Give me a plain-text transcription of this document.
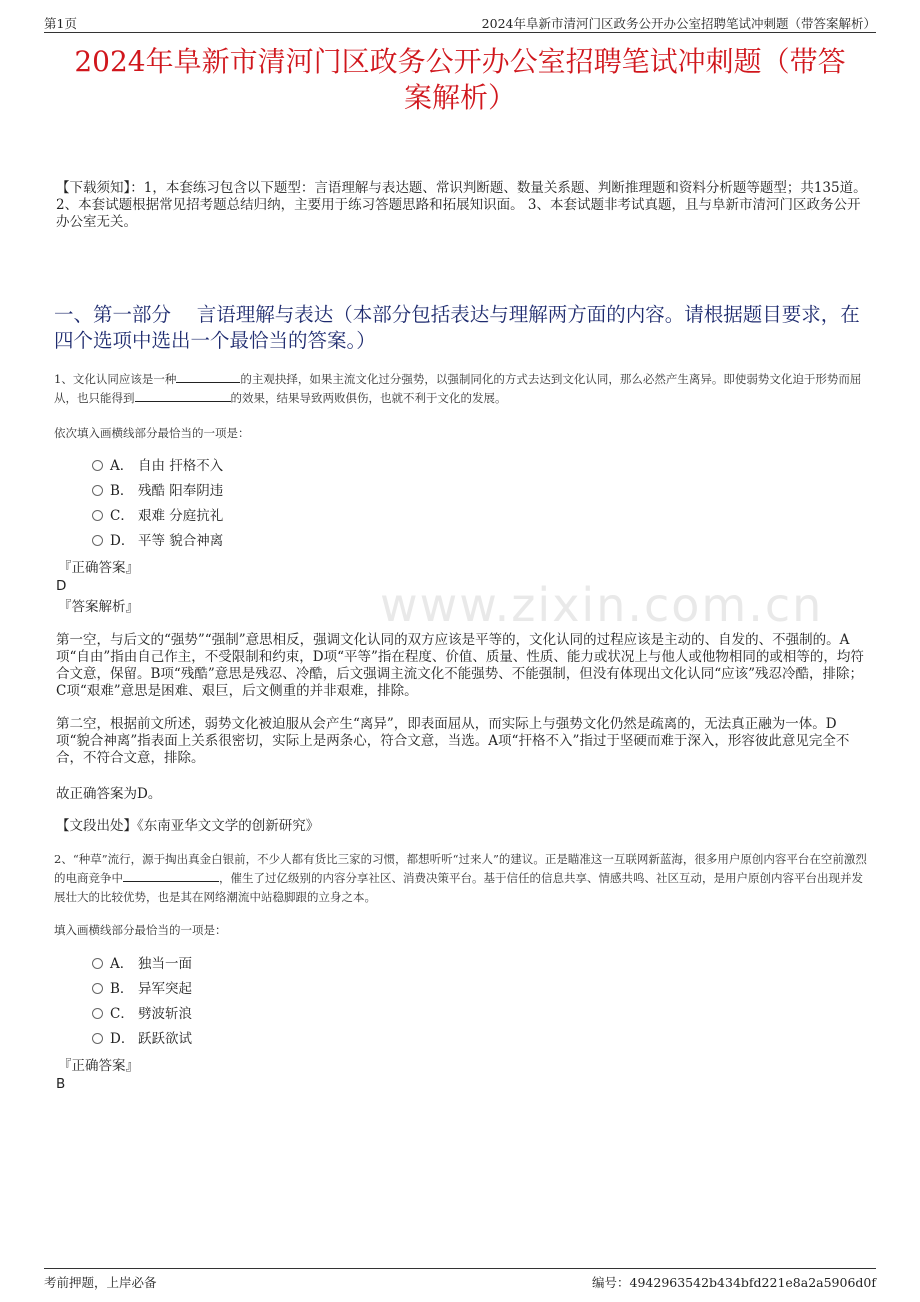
第1页	2024年阜新市清河门区政务公开办公室招聘笔试冲刺题（带答案解析）
2024年阜新市清河门区政务公开办公室招聘笔试冲刺题（带答
案解析）
【下载须知】：1，本套练习包含以下题型：言语理解与表达题、常识判断题、数量关系题、判断推理题和资料分析题等题型；共135道。 2、本套试题根据常见招考题总结归纳，主要用于练习答题思路和拓展知识面。 3、本套试题非考试真题，且与阜新市清河门区政务公开办公室无关。
一、第一部分　 言语理解与表达（本部分包括表达与理解两方面的内容。请根据题目要求，在四个选项中选出一个最恰当的答案。）
www.zixin.com.cn
1、文化认同应该是一种	的主观抉择，如果主流文化过分强势，以强制同化的方式去达到文化认同，那么必然产生离异。即使弱势文化迫于形势而屈从，也只能得到	的效果，结果导致两败俱伤，也就不利于文化的发展。
依次填入画横线部分最恰当的一项是：
A． 自由 扞格不入
B． 残酷 阳奉阴违
C． 艰难 分庭抗礼
D． 平等 貌合神离
『正确答案』
D
『答案解析』
第一空，与后文的“强势”“强制”意思相反，强调文化认同的双方应该是平等的，文化认同的过程应该是主动的、自发的、不强制的。A项“自由”指由自己作主，不受限制和约束，D项“平等”指在程度、价值、质量、性质、能力或状况上与他人或他物相同的或相等的，均符合文意，保留。B项“残酷”意思是残忍、冷酷，后文强调主流文化不能强势、不能强制，但没有体现出文化认同“应该”残忍冷酷，排除；C项“艰难”意思是困难、艰巨，后文侧重的并非艰难，排除。
第二空，根据前文所述，弱势文化被迫服从会产生“离异”，即表面屈从，而实际上与强势文化仍然是疏离的，无法真正融为一体。D项“貌合神离”指表面上关系很密切，实际上是两条心，符合文意，当选。A项“扞格不入”指过于坚硬而难于深入，形容彼此意见完全不合，不符合文意，排除。
故正确答案为D。
【文段出处】《东南亚华文文学的创新研究》
2、“种草”流行，源于掏出真金白银前，不少人都有货比三家的习惯，都想听听“过来人”的建议。正是瞄准这一互联网新蓝海，很多用户原创内容平台在空前激烈的电商竞争中	，催生了过亿级别的内容分享社区、消费决策平台。基于信任的信息共享、情感共鸣、社区互动，是用户原创内容平台出现并发展壮大的比较优势，也是其在网络潮流中站稳脚跟的立身之本。
填入画横线部分最恰当的一项是：
A． 独当一面
B． 异军突起
C． 劈波斩浪
D． 跃跃欲试
『正确答案』
B
考前押题，上岸必备	编号：4942963542b434bfd221e8a2a5906d0f
